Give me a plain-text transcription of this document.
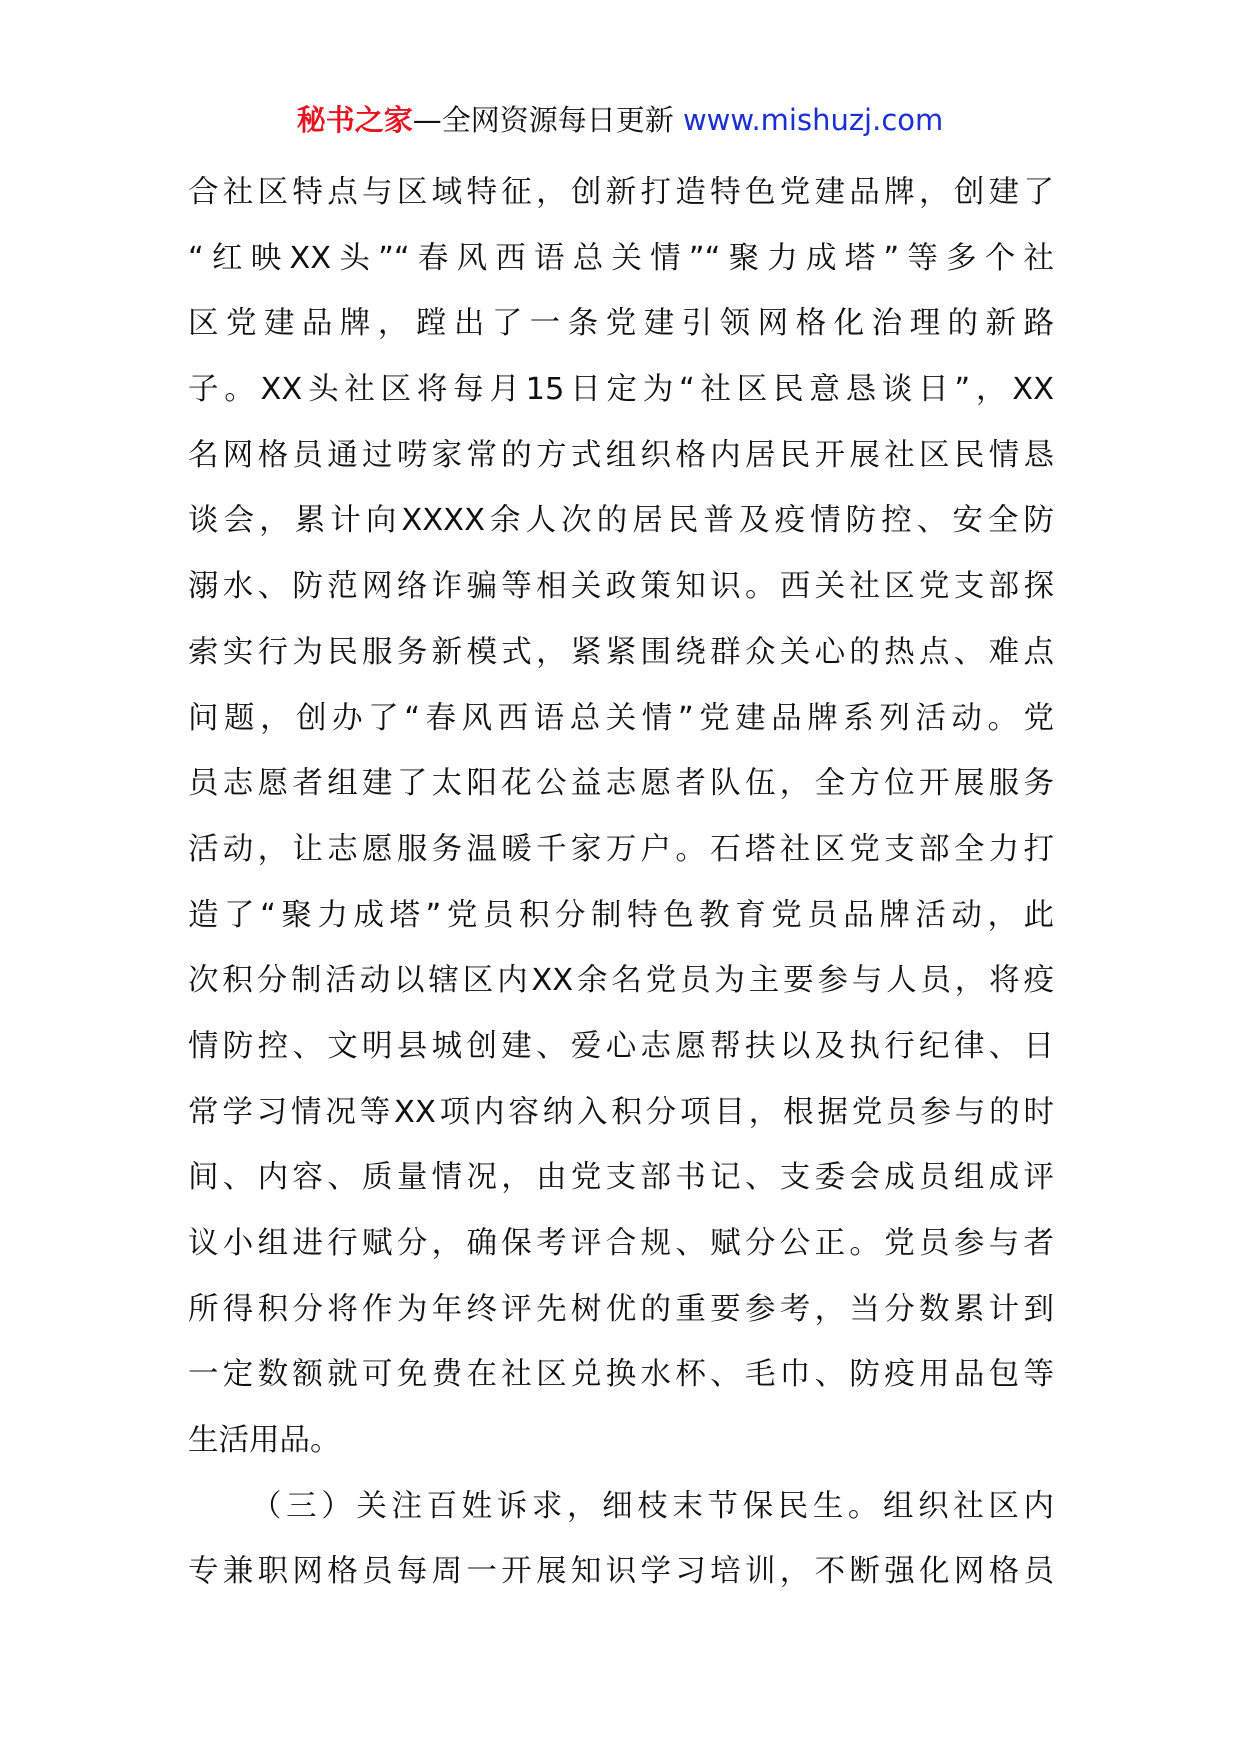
秘书之家—全网资源每日更新 www.mishuzj.com
合社区特点与区域特征，创新打造特色党建品牌，创建了
“红映XX头”“春风西语总关情”“聚力成塔”等多个社
区党建品牌，蹚出了一条党建引领网格化治理的新路
子。XX头社区将每月15日定为“社区民意恳谈日”，XX
名网格员通过唠家常的方式组织格内居民开展社区民情恳
谈会，累计向XXXX余人次的居民普及疫情防控、安全防
溺水、防范网络诈骗等相关政策知识。西关社区党支部探
索实行为民服务新模式，紧紧围绕群众关心的热点、难点
问题，创办了“春风西语总关情”党建品牌系列活动。党
员志愿者组建了太阳花公益志愿者队伍，全方位开展服务
活动，让志愿服务温暖千家万户。石塔社区党支部全力打
造了“聚力成塔”党员积分制特色教育党员品牌活动，此
次积分制活动以辖区内XX余名党员为主要参与人员，将疫
情防控、文明县城创建、爱心志愿帮扶以及执行纪律、日
常学习情况等XX项内容纳入积分项目，根据党员参与的时
间、内容、质量情况，由党支部书记、支委会成员组成评
议小组进行赋分，确保考评合规、赋分公正。党员参与者
所得积分将作为年终评先树优的重要参考，当分数累计到
一定数额就可免费在社区兑换水杯、毛巾、防疫用品包等
生活用品。
（三）关注百姓诉求，细枝末节保民生。组织社区内
专兼职网格员每周一开展知识学习培训，不断强化网格员
